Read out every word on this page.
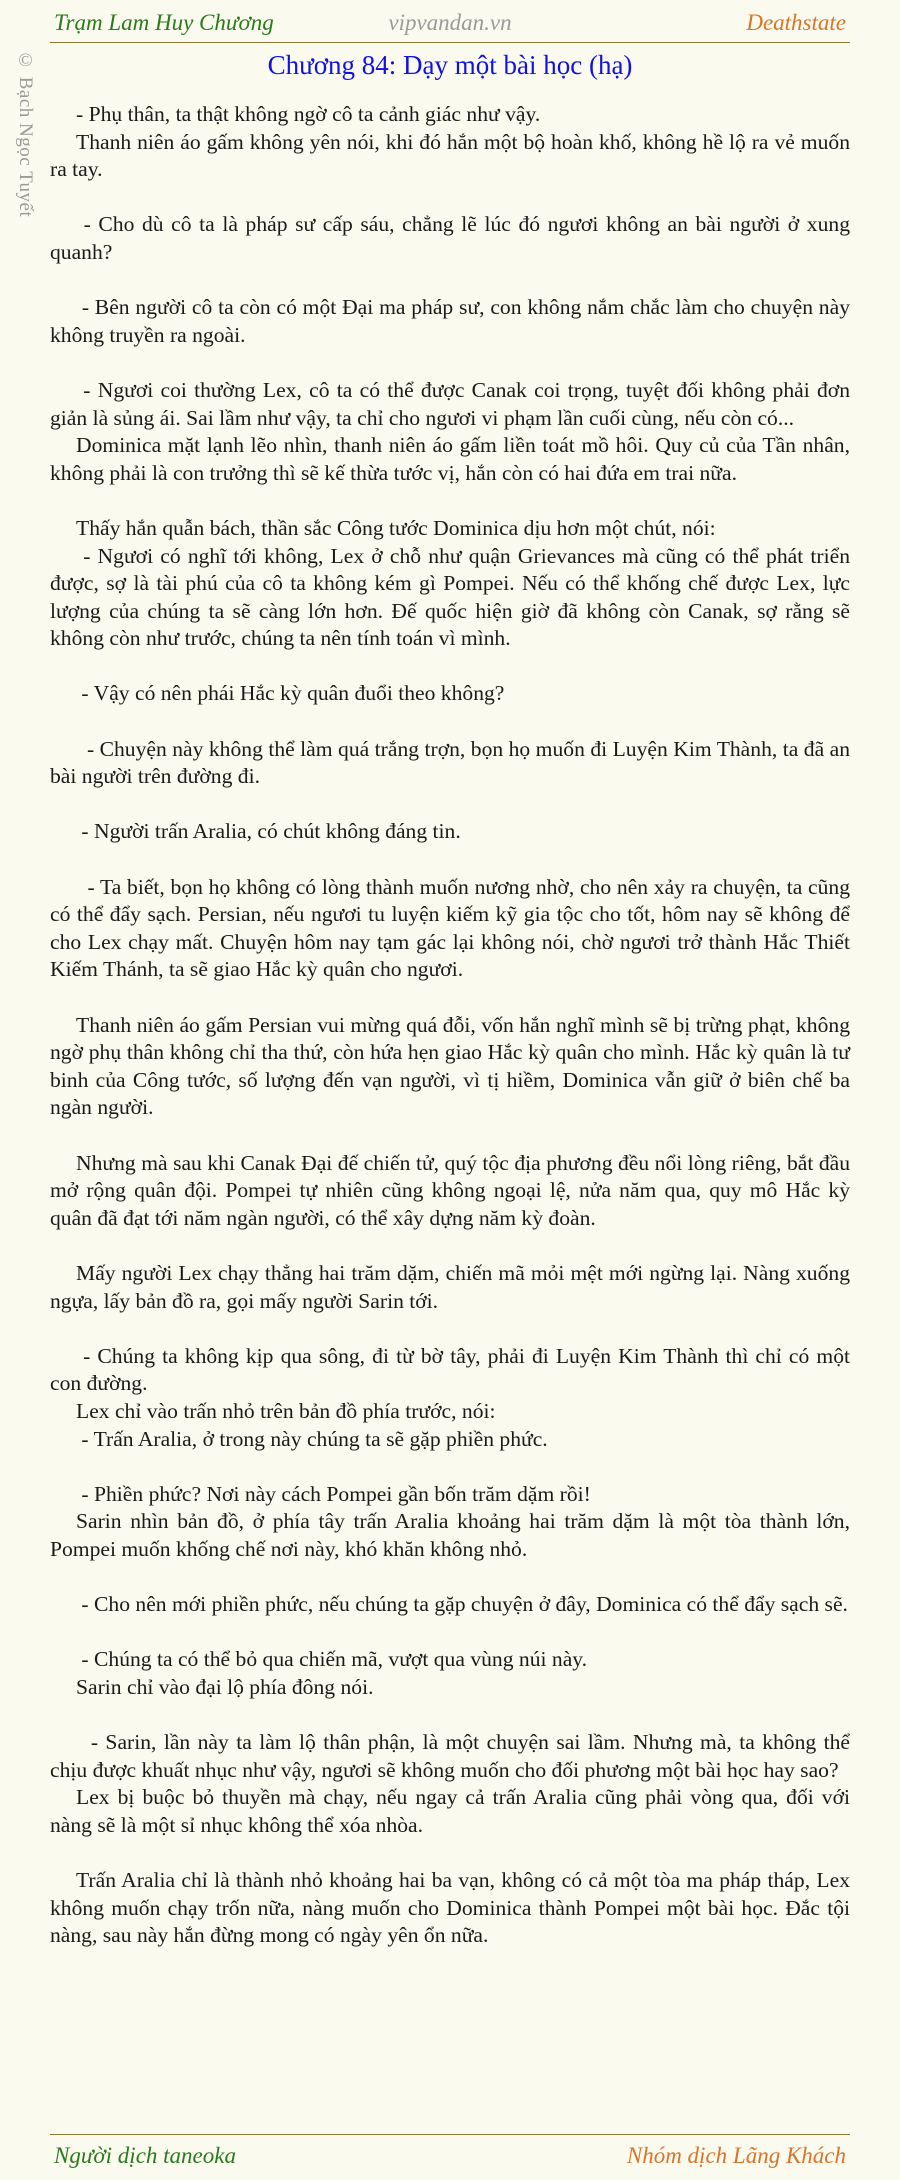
Trạm Lam Huy Chương	vipvandan.vn	Deathstate
© Bạch Ngọc Tuyết	Chương 84: Dạy một bài học (hạ)

- Phụ thân, ta thật không ngờ cô ta cảnh giác như vậy.

Thanh niên áo gấm không yên nói, khi đó hắn một bộ hoàn khố, không hề lộ ra vẻ muốn ra tay.

- Cho dù cô ta là pháp sư cấp sáu, chẳng lẽ lúc đó ngươi không an bài người ở xung quanh?

- Bên người cô ta còn có một Đại ma pháp sư, con không nắm chắc làm cho chuyện này không truyền ra ngoài.

- Ngươi coi thường Lex, cô ta có thể được Canak coi trọng, tuyệt đối không phải đơn giản là sủng ái. Sai lầm như vậy, ta chỉ cho ngươi vi phạm lần cuối cùng, nếu còn có...

Dominica mặt lạnh lẽo nhìn, thanh niên áo gấm liền toát mồ hôi. Quy củ của Tần nhân, không phải là con trưởng thì sẽ kế thừa tước vị, hắn còn có hai đứa em trai nữa.

Thấy hắn quẫn bách, thần sắc Công tước Dominica dịu hơn một chút, nói:

- Ngươi có nghĩ tới không, Lex ở chỗ như quận Grievances mà cũng có thể phát triển được, sợ là tài phú của cô ta không kém gì Pompei. Nếu có thể khống chế được Lex, lực lượng của chúng ta sẽ càng lớn hơn. Đế quốc hiện giờ đã không còn Canak, sợ rằng sẽ không còn như trước, chúng ta nên tính toán vì mình.

- Vậy có nên phái Hắc kỳ quân đuổi theo không?

- Chuyện này không thể làm quá trắng trợn, bọn họ muốn đi Luyện Kim Thành, ta đã an bài người trên đường đi.

- Người trấn Aralia, có chút không đáng tin.

- Ta biết, bọn họ không có lòng thành muốn nương nhờ, cho nên xảy ra chuyện, ta cũng có thể đẩy sạch. Persian, nếu ngươi tu luyện kiếm kỹ gia tộc cho tốt, hôm nay sẽ không để cho Lex chạy mất. Chuyện hôm nay tạm gác lại không nói, chờ ngươi trở thành Hắc Thiết Kiếm Thánh, ta sẽ giao Hắc kỳ quân cho ngươi.

Thanh niên áo gấm Persian vui mừng quá đỗi, vốn hắn nghĩ mình sẽ bị trừng phạt, không ngờ phụ thân không chỉ tha thứ, còn hứa hẹn giao Hắc kỳ quân cho mình. Hắc kỳ quân là tư binh của Công tước, số lượng đến vạn người, vì tị hiềm, Dominica vẫn giữ ở biên chế ba ngàn người.

Nhưng mà sau khi Canak Đại đế chiến tử, quý tộc địa phương đều nổi lòng riêng, bắt đầu mở rộng quân đội. Pompei tự nhiên cũng không ngoại lệ, nửa năm qua, quy mô Hắc kỳ quân đã đạt tới năm ngàn người, có thể xây dựng năm kỳ đoàn.

Mấy người Lex chạy thẳng hai trăm dặm, chiến mã mỏi mệt mới ngừng lại. Nàng xuống ngựa, lấy bản đồ ra, gọi mấy người Sarin tới.

- Chúng ta không kịp qua sông, đi từ bờ tây, phải đi Luyện Kim Thành thì chỉ có một con đường.

Lex chỉ vào trấn nhỏ trên bản đồ phía trước, nói:

- Trấn Aralia, ở trong này chúng ta sẽ gặp phiền phức.

- Phiền phức? Nơi này cách Pompei gần bốn trăm dặm rồi!

Sarin nhìn bản đồ, ở phía tây trấn Aralia khoảng hai trăm dặm là một tòa thành lớn, Pompei muốn khống chế nơi này, khó khăn không nhỏ.

- Cho nên mới phiền phức, nếu chúng ta gặp chuyện ở đây, Dominica có thể đẩy sạch sẽ.

- Chúng ta có thể bỏ qua chiến mã, vượt qua vùng núi này.

Sarin chỉ vào đại lộ phía đông nói.

- Sarin, lần này ta làm lộ thân phận, là một chuyện sai lầm. Nhưng mà, ta không thể chịu được khuất nhục như vậy, ngươi sẽ không muốn cho đối phương một bài học hay sao?

Lex bị buộc bỏ thuyền mà chạy, nếu ngay cả trấn Aralia cũng phải vòng qua, đối với nàng sẽ là một sỉ nhục không thể xóa nhòa.

Trấn Aralia chỉ là thành nhỏ khoảng hai ba vạn, không có cả một tòa ma pháp tháp, Lex không muốn chạy trốn nữa, nàng muốn cho Dominica thành Pompei một bài học. Đắc tội nàng, sau này hắn đừng mong có ngày yên ổn nữa.

Người dịch taneoka	Nhóm dịch Lãng Khách
